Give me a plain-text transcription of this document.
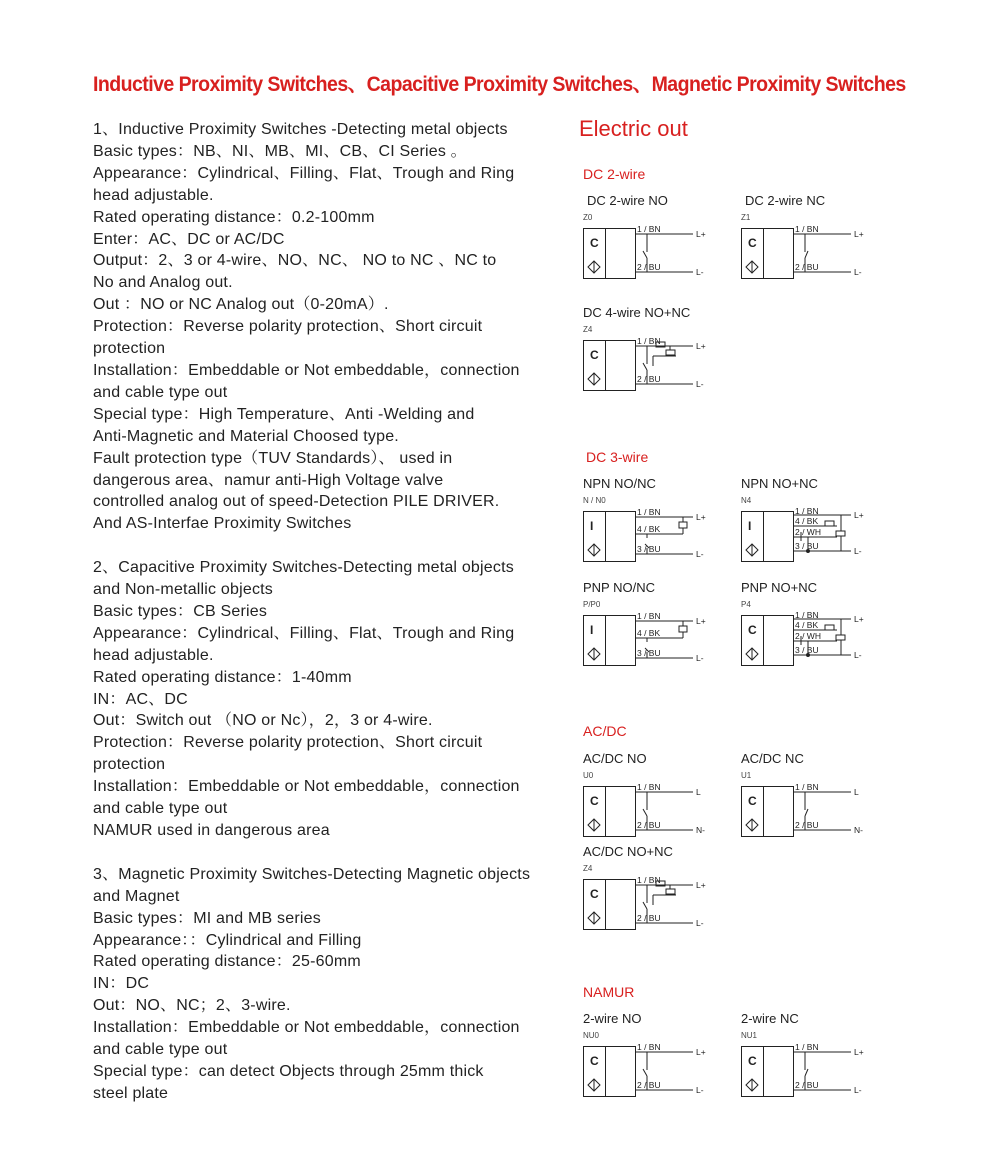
Inductive Proximity Switches、Capacitive Proximity Switches、Magnetic Proximity Switches
1、Inductive Proximity Switches -Detecting metal objects
Basic types：NB、NI、MB、MI、CB、CI Series 。
Appearance：Cylindrical、Filling、Flat、Trough and Ring
head adjustable.
Rated operating distance：0.2-100mm
Enter：AC、DC or AC/DC
Output：2、3 or 4-wire、NO、NC、 NO to NC 、NC to
No and Analog out.
Out ：NO or NC Analog out（0-20mA）.
Protection：Reverse polarity protection、Short circuit
protection
Installation：Embeddable or Not embeddable，connection
and cable type out
Special type：High Temperature、Anti -Welding and
Anti-Magnetic and Material Choosed type.
Fault protection type（TUV Standards）、 used in
dangerous area、namur anti-High Voltage valve
controlled analog out of speed-Detection PILE DRIVER.
And AS-Interfae Proximity Switches
2、Capacitive Proximity Switches-Detecting metal objects
and Non-metallic objects
Basic types：CB Series
Appearance：Cylindrical、Filling、Flat、Trough and Ring
head adjustable.
Rated operating distance：1-40mm
IN：AC、DC
Out：Switch out （NO or Nc），2，3 or 4-wire.
Protection：Reverse polarity protection、Short circuit
protection
Installation：Embeddable or Not embeddable，connection
and cable type out
NAMUR used in dangerous area
3、Magnetic Proximity Switches-Detecting Magnetic objects
and Magnet
Basic types：MI and MB series
Appearance：：Cylindrical and Filling
Rated operating distance：25-60mm
IN：DC
Out：NO、NC；2、3-wire.
Installation：Embeddable or Not embeddable，connection
and cable type out
Special type：can detect Objects through 25mm thick
steel plate
Electric out
DC 2-wire
DC 3-wire
AC/DC
NAMUR
DC 2-wire NO
Z0
C
1 / BN
2 / BU
L+
L-
DC 2-wire NC
Z1
C
1 / BN
2 / BU
L+
L-
DC 4-wire NO+NC
Z4
C
1 / BN
2 / BU
L+
L-
NPN NO/NC
N / N0
I
1 / BN
4 / BK
3 / BU
L+
L-
NPN NO+NC
N4
I
1 / BN
4 / BK
2 / WH
3 / BU
L+
L-
PNP NO/NC
P/P0
I
1 / BN
4 / BK
3 / BU
L+
L-
PNP NO+NC
P4
C
1 / BN
4 / BK
2 / WH
3 / BU
L+
L-
AC/DC NO
U0
C
1 / BN
2 / BU
L
N-
AC/DC NC
U1
C
1 / BN
2 / BU
L
N-
AC/DC NO+NC
Z4
C
1 / BN
2 / BU
L+
L-
2-wire NO
NU0
C
1 / BN
2 / BU
L+
L-
2-wire NC
NU1
C
1 / BN
2 / BU
L+
L-
